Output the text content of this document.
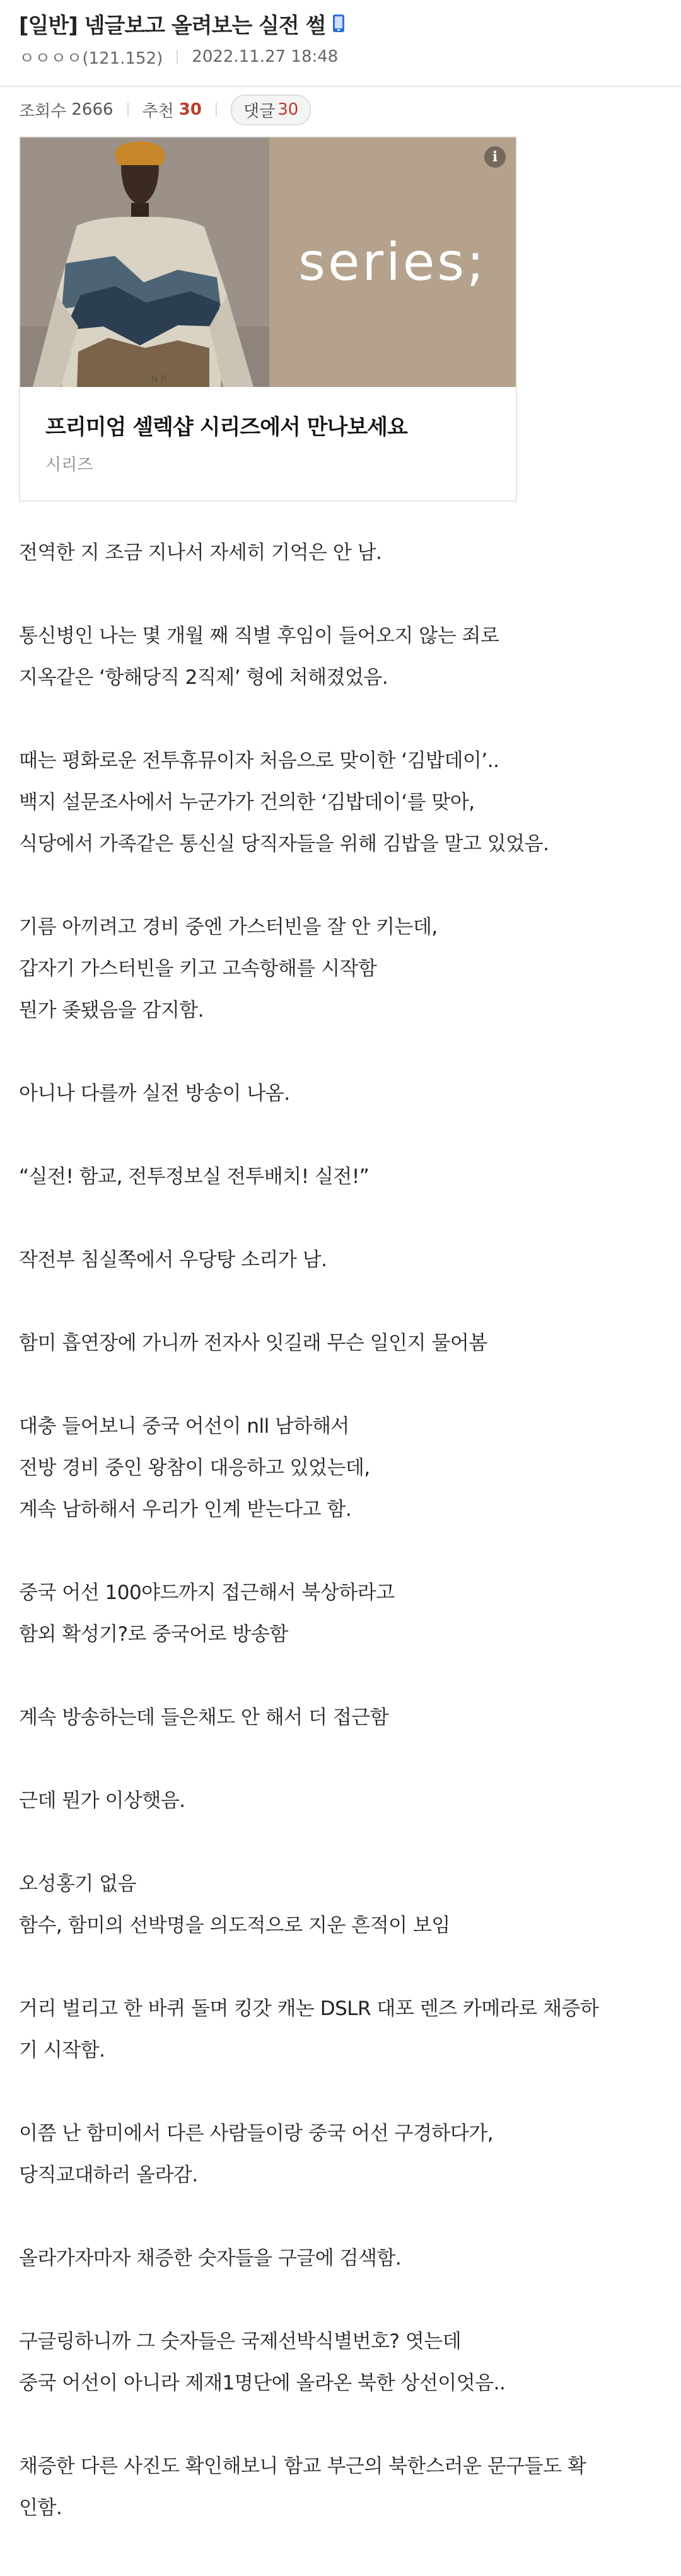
[일반] 넴글보고 올려보는 실전 썰
ㅇㅇㅇㅇ(121.152) 2022.11.27 18:48
조회수 2666 추천 30	댓글 30
N P
series;
i
프리미엄 셀렉샵 시리즈에서 만나보세요
시리즈

전역한 지 조금 지나서 자세히 기억은 안 남.

통신병인 나는 몇 개월 째 직별 후임이 들어오지 않는 죄로
지옥같은 ‘항해당직 2직제’ 형에 처해졌었음.

때는 평화로운 전투휴뮤이자 처음으로 맞이한 ‘김밥데이’..
백지 설문조사에서 누군가가 건의한 ‘김밥데이‘를 맞아,
식당에서 가족같은 통신실 당직자들을 위해 김밥을 말고 있었음.

기름 아끼려고 경비 중엔 가스터빈을 잘 안 키는데,
갑자기 가스터빈을 키고 고속항해를 시작함
뭔가 좆됐음을 감지함.

아니나 다를까 실전 방송이 나옴.

“실전! 함교, 전투정보실 전투배치! 실전!”

작전부 침실쪽에서 우당탕 소리가 남.

함미 흡연장에 가니까 전자사 잇길래 무슨 일인지 물어봄

대충 들어보니 중국 어선이 nll 남하해서
전방 경비 중인 왕참이 대응하고 있었는데,
계속 남하해서 우리가 인계 받는다고 함.

중국 어선 100야드까지 접근해서 북상하라고
함외 확성기?로 중국어로 방송함

계속 방송하는데 들은채도 안 해서 더 접근함

근데 뭔가 이상햇음.

오성홍기 없음
함수, 함미의 선박명을 의도적으로 지운 흔적이 보임

거리 벌리고 한 바퀴 돌며 킹갓 캐논 DSLR 대포 렌즈 카메라로 채증하
기 시작함.

이쯤 난 함미에서 다른 사람들이랑 중국 어선 구경하다가,
당직교대하러 올라감.

올라가자마자 채증한 숫자들을 구글에 검색함.

구글링하니까 그 숫자들은 국제선박식별번호? 엿는데
중국 어선이 아니라 제재1명단에 올라온 북한 상선이엇음..

채증한 다른 사진도 확인해보니 함교 부근의 북한스러운 문구들도 확
인함.
